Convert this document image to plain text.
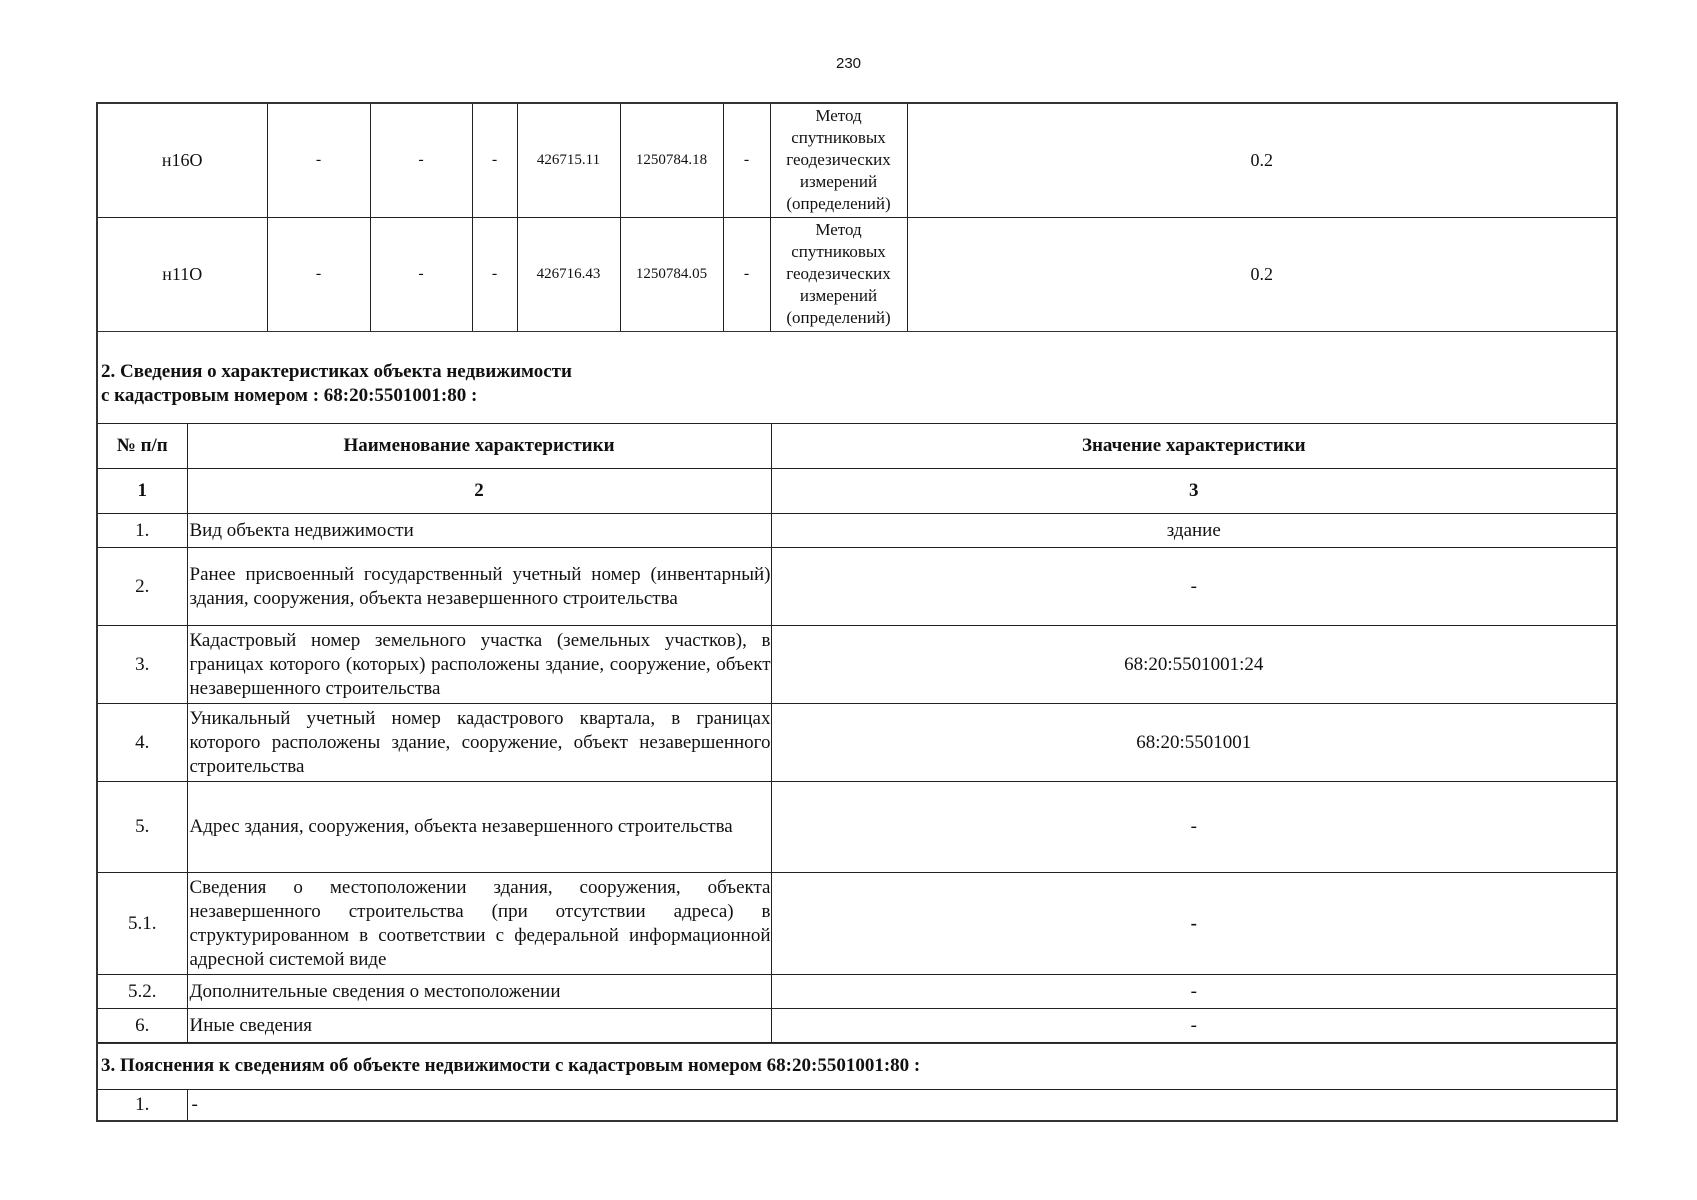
230
н16О	-	-	-	426715.11	1250784.18	-	Метод спутниковых геодезических измерений (определений)	0.2
н11О	-	-	-	426716.43	1250784.05	-	Метод спутниковых геодезических измерений (определений)	0.2
2. Сведения о характеристиках объекта недвижимости
с кадастровым номером : 68:20:5501001:80 :
№ п/п	Наименование характеристики	Значение характеристики
1	2	3
1.	Вид объекта недвижимости	здание
2.	Ранее присвоенный государственный учетный номер (инвентарный) здания, сооружения, объекта незавершенного строительства	-
3.	Кадастровый номер земельного участка (земельных участков), в границах которого (которых) расположены здание, сооружение, объект незавершенного строительства	68:20:5501001:24
4.	Уникальный учетный номер кадастрового квартала, в границах которого расположены здание, сооружение, объект незавершенного строительства	68:20:5501001
5.	Адрес здания, сооружения, объекта незавершенного строительства	-
5.1.	Сведения о местоположении здания, сооружения, объекта незавершенного строительства (при отсутствии адреса) в структурированном в соответствии с федеральной информационной адресной системой виде	-
5.2.	Дополнительные сведения о местоположении	-
6.	Иные сведения	-
3. Пояснения к сведениям об объекте недвижимости с кадастровым номером 68:20:5501001:80 :
1.	-
